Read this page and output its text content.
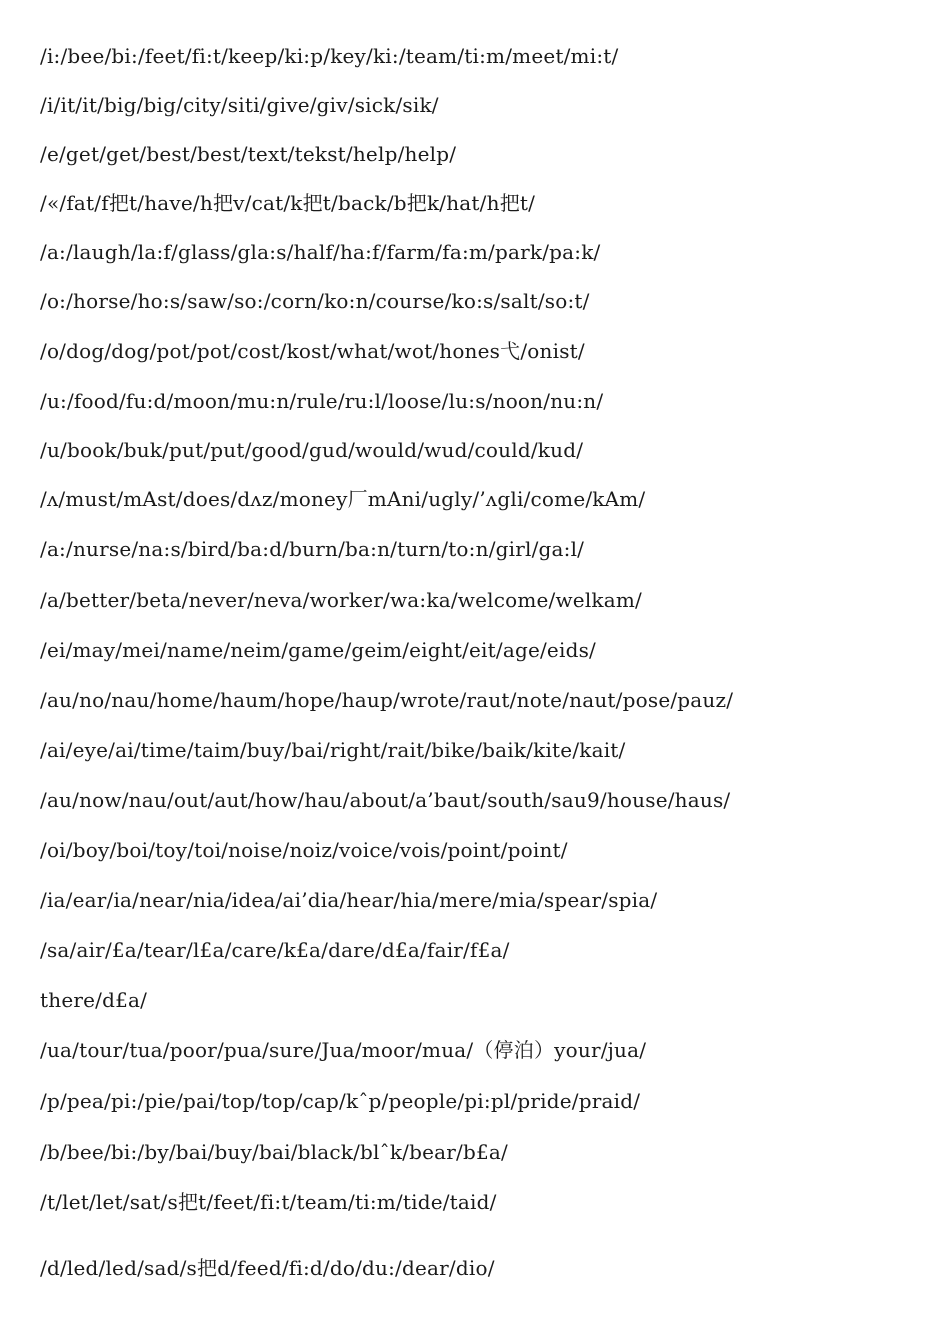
/i:/bee/bi:/feet/fi:t/keep/ki:p/key/ki:/team/ti:m/meet/mi:t/

/i/it/it/big/big/city/siti/give/giv/sick/sik/

/e/get/get/best/best/text/tekst/help/help/

/«/fat/f把t/have/h把v/cat/k把t/back/b把k/hat/h把t/

/a:/laugh/la:f/glass/gla:s/half/ha:f/farm/fa:m/park/pa:k/

/o:/horse/ho:s/saw/so:/corn/ko:n/course/ko:s/salt/so:t/

/o/dog/dog/pot/pot/cost/kost/what/wot/hones弋/onist/

/u:/food/fu:d/moon/mu:n/rule/ru:l/loose/lu:s/noon/nu:n/

/u/book/buk/put/put/good/gud/would/wud/could/kud/

/ʌ/must/mAst/does/dʌz/money厂mAni/ugly/’ʌgli/come/kAm/

/a:/nurse/na:s/bird/ba:d/burn/ba:n/turn/to:n/girl/ga:l/

/a/better/beta/never/neva/worker/wa:ka/welcome/welkam/

/ei/may/mei/name/neim/game/geim/eight/eit/age/eids/

/au/no/nau/home/haum/hope/haup/wrote/raut/note/naut/pose/pauz/

/ai/eye/ai/time/taim/buy/bai/right/rait/bike/baik/kite/kait/

/au/now/nau/out/aut/how/hau/about/a’baut/south/sau9/house/haus/

/oi/boy/boi/toy/toi/noise/noiz/voice/vois/point/point/

/ia/ear/ia/near/nia/idea/ai’dia/hear/hia/mere/mia/spear/spia/

/sa/air/£a/tear/l£a/care/k£a/dare/d£a/fair/f£a/

there/d£a/

/ua/tour/tua/poor/pua/sure/Jua/moor/mua/（停泊）your/jua/

/p/pea/pi:/pie/pai/top/top/cap/kˆp/people/pi:pl/pride/praid/

/b/bee/bi:/by/bai/buy/bai/black/blˆk/bear/b£a/

/t/let/let/sat/s把t/feet/fi:t/team/ti:m/tide/taid/

/d/led/led/sad/s把d/feed/fi:d/do/du:/dear/dio/
